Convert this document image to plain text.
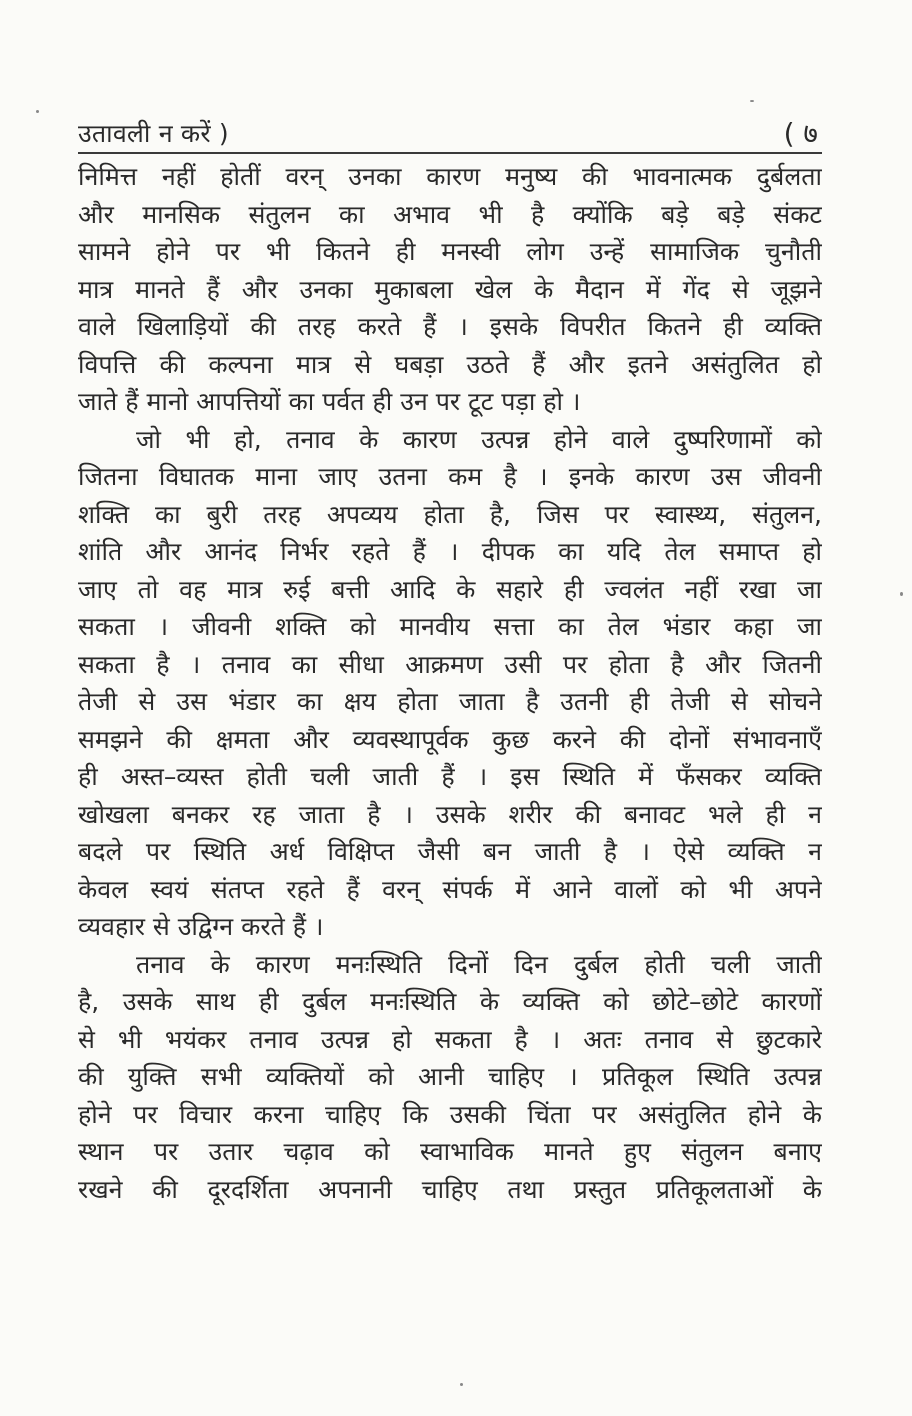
उतावली न करें )	( ७
निमित्त नहीं होतीं वरन् उनका कारण मनुष्य की भावनात्मक दुर्बलता
और मानसिक संतुलन का अभाव भी है क्योंकि बड़े बड़े संकट
सामने होने पर भी कितने ही मनस्वी लोग उन्हें सामाजिक चुनौती
मात्र मानते हैं और उनका मुकाबला खेल के मैदान में गेंद से जूझने
वाले खिलाड़ियों की तरह करते हैं । इसके विपरीत कितने ही व्यक्ति
विपत्ति की कल्पना मात्र से घबड़ा उठते हैं और इतने असंतुलित हो
जाते हैं मानो आपत्तियों का पर्वत ही उन पर टूट पड़ा हो ।
जो भी हो, तनाव के कारण उत्पन्न होने वाले दुष्परिणामों को
जितना विघातक माना जाए उतना कम है । इनके कारण उस जीवनी
शक्ति का बुरी तरह अपव्यय होता है, जिस पर स्वास्थ्य, संतुलन,
शांति और आनंद निर्भर रहते हैं । दीपक का यदि तेल समाप्त हो
जाए तो वह मात्र रुई बत्ती आदि के सहारे ही ज्वलंत नहीं रखा जा
सकता । जीवनी शक्ति को मानवीय सत्ता का तेल भंडार कहा जा
सकता है । तनाव का सीधा आक्रमण उसी पर होता है और जितनी
तेजी से उस भंडार का क्षय होता जाता है उतनी ही तेजी से सोचने
समझने की क्षमता और व्यवस्थापूर्वक कुछ करने की दोनों संभावनाएँ
ही अस्त–व्यस्त होती चली जाती हैं । इस स्थिति में फँसकर व्यक्ति
खोखला बनकर रह जाता है । उसके शरीर की बनावट भले ही न
बदले पर स्थिति अर्ध विक्षिप्त जैसी बन जाती है । ऐसे व्यक्ति न
केवल स्वयं संतप्त रहते हैं वरन् संपर्क में आने वालों को भी अपने
व्यवहार से उद्विग्न करते हैं ।
तनाव के कारण मनःस्थिति दिनों दिन दुर्बल होती चली जाती
है, उसके साथ ही दुर्बल मनःस्थिति के व्यक्ति को छोटे–छोटे कारणों
से भी भयंकर तनाव उत्पन्न हो सकता है । अतः तनाव से छुटकारे
की युक्ति सभी व्यक्तियों को आनी चाहिए । प्रतिकूल स्थिति उत्पन्न
होने पर विचार करना चाहिए कि उसकी चिंता पर असंतुलित होने के
स्थान पर उतार चढ़ाव को स्वाभाविक मानते हुए संतुलन बनाए
रखने की दूरदर्शिता अपनानी चाहिए तथा प्रस्तुत प्रतिकूलताओं के
